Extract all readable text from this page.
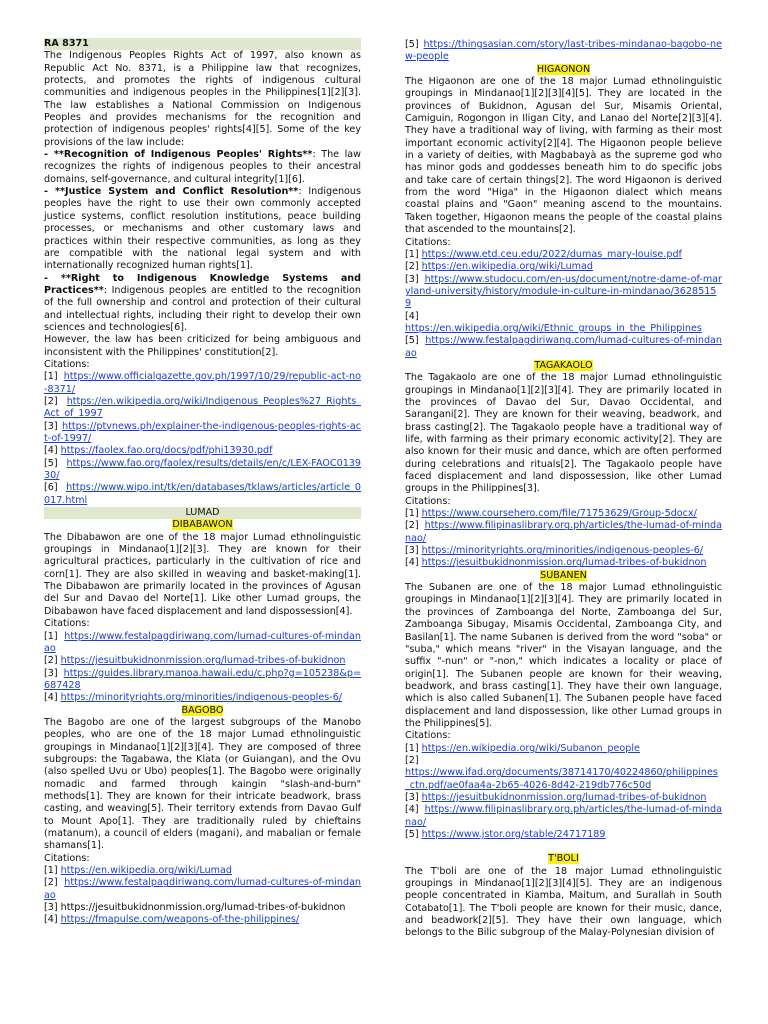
RA 8371

The Indigenous Peoples Rights Act of 1997, also known as Republic Act No. 8371, is a Philippine law that recognizes, protects, and promotes the rights of indigenous cultural communities and indigenous peoples in the Philippines[1][2][3]. The law establishes a National Commission on Indigenous Peoples and provides mechanisms for the recognition and protection of indigenous peoples' rights[4][5]. Some of the key provisions of the law include:

- **Recognition of Indigenous Peoples' Rights**: The law recognizes the rights of indigenous peoples to their ancestral domains, self-governance, and cultural integrity[1][6].

- **Justice System and Conflict Resolution**: Indigenous peoples have the right to use their own commonly accepted justice systems, conflict resolution institutions, peace building processes, or mechanisms and other customary laws and practices within their respective communities, as long as they are compatible with the national legal system and with internationally recognized human rights[1].

- **Right to Indigenous Knowledge Systems and Practices**: Indigenous peoples are entitled to the recognition of the full ownership and control and protection of their cultural and intellectual rights, including their right to develop their own sciences and technologies[6].

However, the law has been criticized for being ambiguous and inconsistent with the Philippines' constitution[2].

Citations:

[1] https://www.officialgazette.gov.ph/1997/10/29/republic-act-no-8371/

[2] https://en.wikipedia.org/wiki/Indigenous_Peoples%27_Rights_Act_of_1997

[3] https://ptvnews.ph/explainer-the-indigenous-peoples-rights-act-of-1997/

[4] https://faolex.fao.org/docs/pdf/phi13930.pdf

[5] https://www.fao.org/faolex/results/details/en/c/LEX-FAOC013930/

[6] https://www.wipo.int/tk/en/databases/tklaws/articles/article_0017.html

LUMAD
DIBABAWON

The Dibabawon are one of the 18 major Lumad ethnolinguistic groupings in Mindanao[1][2][3]. They are known for their agricultural practices, particularly in the cultivation of rice and corn[1]. They are also skilled in weaving and basket-making[1]. The Dibabawon are primarily located in the provinces of Agusan del Sur and Davao del Norte[1]. Like other Lumad groups, the Dibabawon have faced displacement and land dispossession[4].

Citations:

[1] https://www.festalpagdiriwang.com/lumad-cultures-of-mindanao

[2] https://jesuitbukidnonmission.org/lumad-tribes-of-bukidnon

[3] https://guides.library.manoa.hawaii.edu/c.php?g=105238&p=687428

[4] https://minorityrights.org/minorities/indigenous-peoples-6/

BAGOBO

The Bagobo are one of the largest subgroups of the Manobo peoples, who are one of the 18 major Lumad ethnolinguistic groupings in Mindanao[1][2][3][4]. They are composed of three subgroups: the Tagabawa, the Klata (or Guiangan), and the Ovu (also spelled Uvu or Ubo) peoples[1]. The Bagobo were originally nomadic and farmed through kaingin "slash-and-burn" methods[1]. They are known for their intricate beadwork, brass casting, and weaving[5]. Their territory extends from Davao Gulf to Mount Apo[1]. They are traditionally ruled by chieftains (matanum), a council of elders (magani), and mabalian or female shamans[1].

Citations:

[1] https://en.wikipedia.org/wiki/Lumad

[2] https://www.festalpagdiriwang.com/lumad-cultures-of-mindanao

[3] https://jesuitbukidnonmission.org/lumad-tribes-of-bukidnon

[4] https://fmapulse.com/weapons-of-the-philippines/

[5] https://thingsasian.com/story/last-tribes-mindanao-bagobo-new-people

HIGAONON

The Higaonon are one of the 18 major Lumad ethnolinguistic groupings in Mindanao[1][2][3][4][5]. They are located in the provinces of Bukidnon, Agusan del Sur, Misamis Oriental, Camiguin, Rogongon in Iligan City, and Lanao del Norte[2][3][4]. They have a traditional way of living, with farming as their most important economic activity[2][4]. The Higaonon people believe in a variety of deities, with Magbabayà as the supreme god who has minor gods and goddesses beneath him to do specific jobs and take care of certain things[2]. The word Higaonon is derived from the word "Higa" in the Higaonon dialect which means coastal plains and "Gaon" meaning ascend to the mountains. Taken together, Higaonon means the people of the coastal plains that ascended to the mountains[2].

Citations:

[1] https://www.etd.ceu.edu/2022/dumas_mary-louise.pdf

[2] https://en.wikipedia.org/wiki/Lumad

[3] https://www.studocu.com/en-us/document/notre-dame-of-maryland-university/history/module-in-culture-in-mindanao/36285159

[4]
https://en.wikipedia.org/wiki/Ethnic_groups_in_the_Philippines

[5] https://www.festalpagdiriwang.com/lumad-cultures-of-mindanao

TAGAKAOLO

The Tagakaolo are one of the 18 major Lumad ethnolinguistic groupings in Mindanao[1][2][3][4]. They are primarily located in the provinces of Davao del Sur, Davao Occidental, and Sarangani[2]. They are known for their weaving, beadwork, and brass casting[2]. The Tagakaolo people have a traditional way of life, with farming as their primary economic activity[2]. They are also known for their music and dance, which are often performed during celebrations and rituals[2]. The Tagakaolo people have faced displacement and land dispossession, like other Lumad groups in the Philippines[3].

Citations:

[1] https://www.coursehero.com/file/71753629/Group-5docx/

[2] https://www.filipinaslibrary.org.ph/articles/the-lumad-of-mindanao/

[3] https://minorityrights.org/minorities/indigenous-peoples-6/

[4] https://jesuitbukidnonmission.org/lumad-tribes-of-bukidnon

SUBANEN

The Subanen are one of the 18 major Lumad ethnolinguistic groupings in Mindanao[1][2][3][4]. They are primarily located in the provinces of Zamboanga del Norte, Zamboanga del Sur, Zamboanga Sibugay, Misamis Occidental, Zamboanga City, and Basilan[1]. The name Subanen is derived from the word "soba" or "suba," which means "river" in the Visayan language, and the suffix "-nun" or "-non," which indicates a locality or place of origin[1]. The Subanen people are known for their weaving, beadwork, and brass casting[1]. They have their own language, which is also called Subanen[1]. The Subanen people have faced displacement and land dispossession, like other Lumad groups in the Philippines[5].

Citations:

[1] https://en.wikipedia.org/wiki/Subanon_people

[2]
https://www.ifad.org/documents/38714170/40224860/philippines_ctn.pdf/ae0faa4a-2b65-4026-8d42-219db776c50d

[3] https://jesuitbukidnonmission.org/lumad-tribes-of-bukidnon

[4] https://www.filipinaslibrary.org.ph/articles/the-lumad-of-mindanao/

[5] https://www.jstor.org/stable/24717189

T'BOLI

The T'boli are one of the 18 major Lumad ethnolinguistic groupings in Mindanao[1][2][3][4][5]. They are an indigenous people concentrated in Kiamba, Maitum, and Surallah in South Cotabato[1]. The T'boli people are known for their music, dance, and beadwork[2][5]. They have their own language, which belongs to the Bilic subgroup of the Malay-Polynesian division of
